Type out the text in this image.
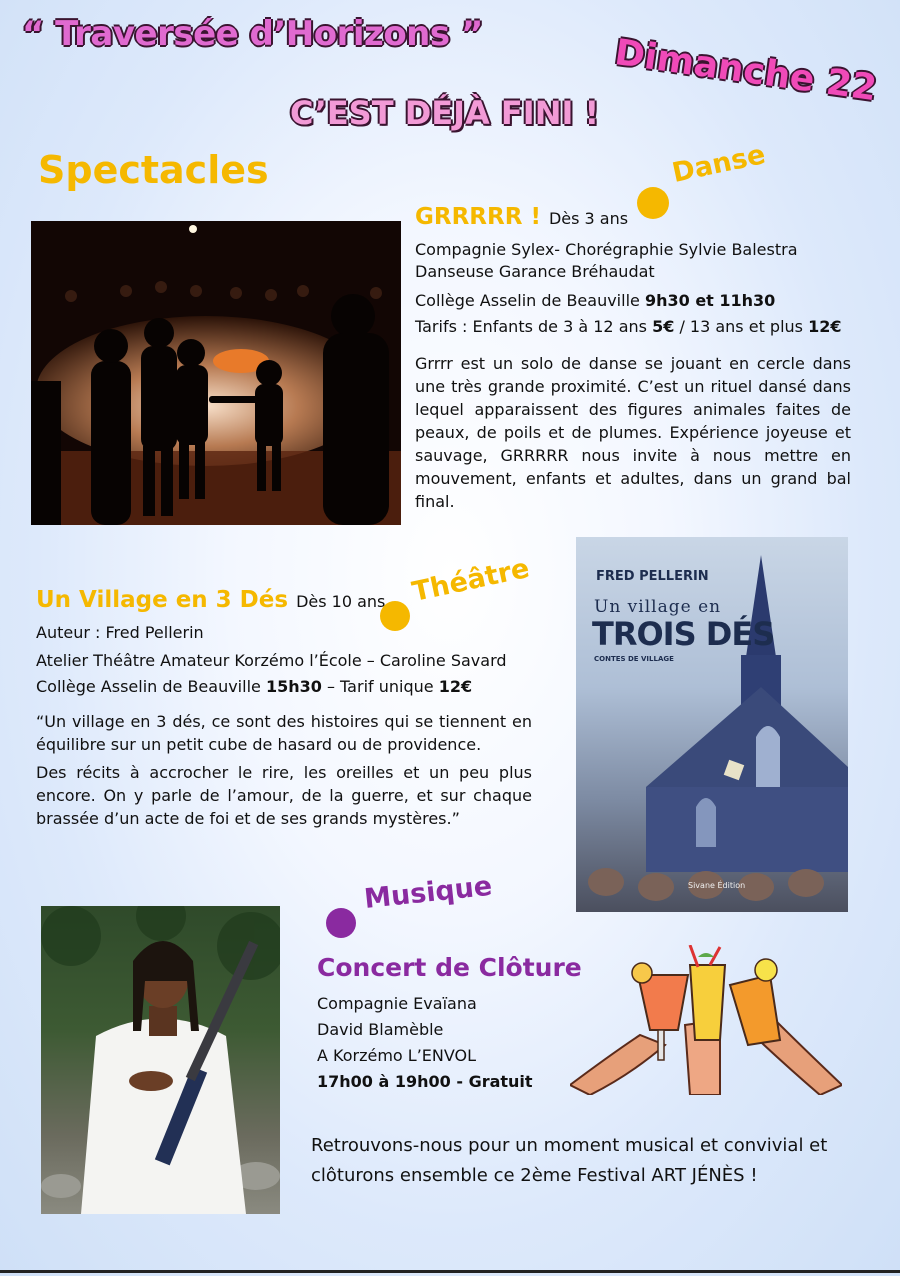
“ Traversée d’Horizons ”	Dimanche 22
C’EST DÉJÀ FINI !
Spectacles	Danse
GRRRRR ! Dès 3 ans
Compagnie Sylex- Chorégraphie Sylvie Balestra
Danseuse Garance Bréhaudat
Collège Asselin de Beauville 9h30 et 11h30
Tarifs : Enfants de 3 à 12 ans 5€ / 13 ans et plus 12€
Grrrr est un solo de danse se jouant en cercle dans une très grande proximité. C’est un rituel dansé dans lequel apparaissent des figures animales faites de peaux, de poils et de plumes. Expérience joyeuse et sauvage, GRRRRR nous invite à nous mettre en mouvement, enfants et adultes, dans un grand bal final.
Théâtre
Un Village en 3 Dés Dès 10 ans
Auteur : Fred Pellerin
Atelier Théâtre Amateur Korzémo l’École – Caroline Savard
Collège Asselin de Beauville 15h30 – Tarif unique 12€
“Un village en 3 dés, ce sont des histoires qui se tiennent en équilibre sur un petit cube de hasard ou de providence.
Des récits à accrocher le rire, les oreilles et un peu plus encore. On y parle de l’amour, de la guerre, et sur chaque brassée d’un acte de foi et de ses grands mystères.”
FRED PELLERIN
Un village en
TROIS DÉS
CONTES DE VILLAGE
Sivane Édition
Musique
Concert de Clôture
Compagnie Evaïana
David Blamèble
A Korzémo L’ENVOL
17h00 à 19h00 - Gratuit
Retrouvons-nous pour un moment musical et convivial et clôturons ensemble ce 2ème Festival ART JÉNÈS !
